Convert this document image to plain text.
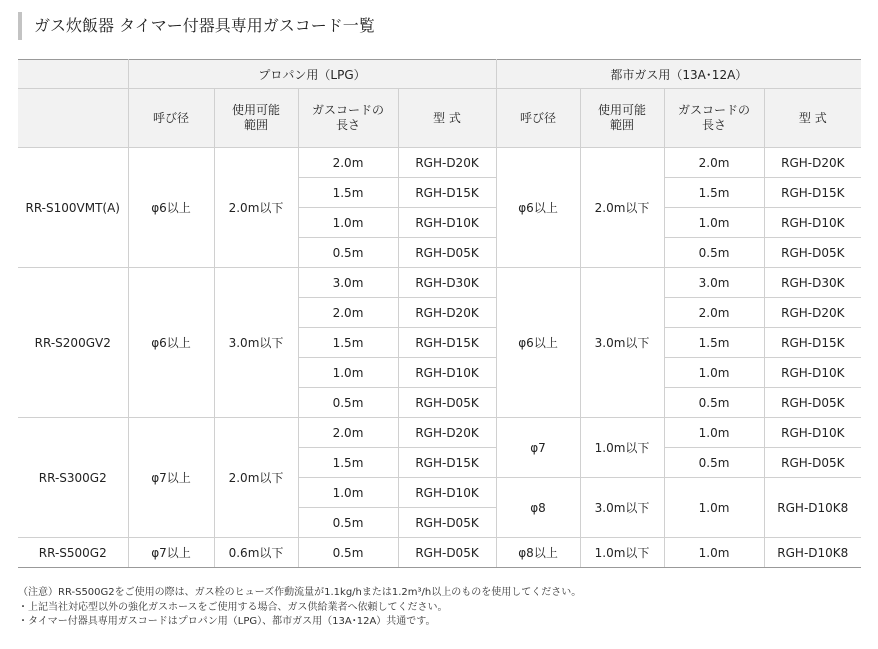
ガス炊飯器 タイマー付器具専用ガスコード一覧
	プロパン用（LPG）				都市ガス用（13A･12A）			
	呼び径	使用可能範囲	ガスコードの長さ	型 式	呼び径	使用可能範囲	ガスコードの長さ	型 式
RR-S100VMT(A)	φ6以上	2.0m以下	2.0m	RGH-D20K	φ6以上	2.0m以下	2.0m	RGH-D20K
			1.5m	RGH-D15K			1.5m	RGH-D15K
			1.0m	RGH-D10K			1.0m	RGH-D10K
			0.5m	RGH-D05K			0.5m	RGH-D05K
RR-S200GV2	φ6以上	3.0m以下	3.0m	RGH-D30K	φ6以上	3.0m以下	3.0m	RGH-D30K
			2.0m	RGH-D20K			2.0m	RGH-D20K
			1.5m	RGH-D15K			1.5m	RGH-D15K
			1.0m	RGH-D10K			1.0m	RGH-D10K
			0.5m	RGH-D05K			0.5m	RGH-D05K
RR-S300G2	φ7以上	2.0m以下	2.0m	RGH-D20K	φ7	1.0m以下	1.0m	RGH-D10K
			1.5m	RGH-D15K			0.5m	RGH-D05K
			1.0m	RGH-D10K	φ8	3.0m以下	1.0m	RGH-D10K8
			0.5m	RGH-D05K				
RR-S500G2	φ7以上	0.6m以下	0.5m	RGH-D05K	φ8以上	1.0m以下	1.0m	RGH-D10K8
（注意）RR-S500G2をご使用の際は、ガス栓のヒューズ作動流量が1.1kg/hまたは1.2m³/h以上のものを使用してください。
・上記当社対応型以外の強化ガスホースをご使用する場合、ガス供給業者へ依頼してください。
・タイマー付器具専用ガスコードはプロパン用（LPG）、都市ガス用（13A･12A）共通です。
